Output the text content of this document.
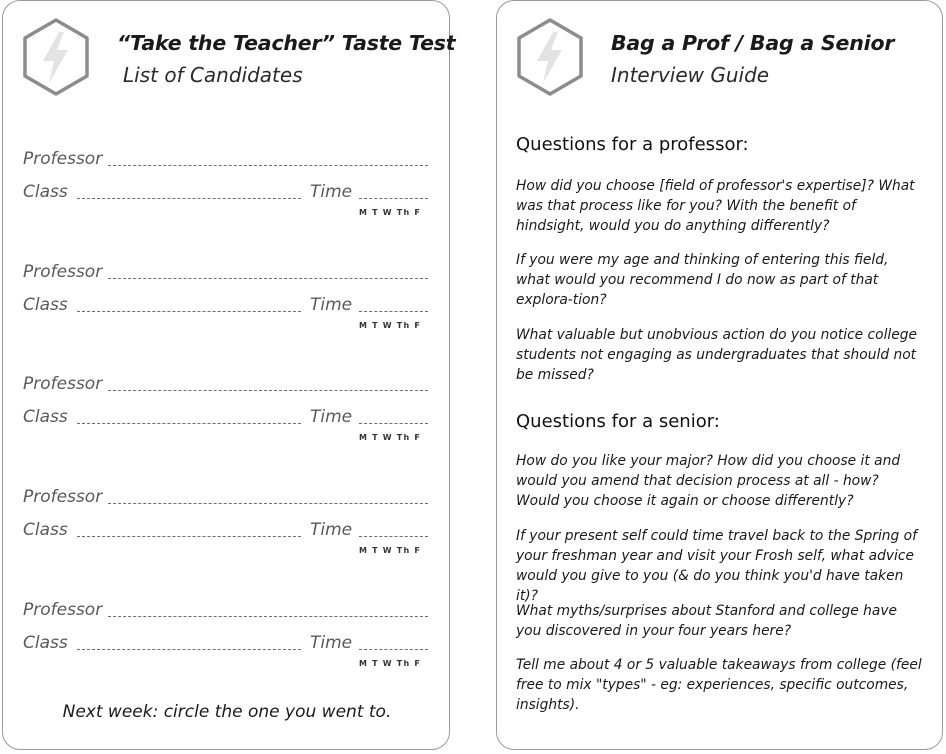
“Take the Teacher” Taste Test
List of Candidates
Professor
Class	Time
M T W Th F
Professor
Class	Time
M T W Th F
Professor
Class	Time
M T W Th F
Professor
Class	Time
M T W Th F
Professor
Class	Time
M T W Th F
Next week: circle the one you went to.
Bag a Prof / Bag a Senior
Interview Guide
Questions for a professor:

How did you choose [field of professor's expertise]? What was that process like for you? With the benefit of hindsight, would you do anything differently?

If you were my age and thinking of entering this field, what would you recommend I do now as part of that explora-tion?

What valuable but unobvious action do you notice college students not engaging as undergraduates that should not be missed?

Questions for a senior:

How do you like your major? How did you choose it and would you amend that decision process at all - how? Would you choose it again or choose differently?

If your present self could time travel back to the Spring of your freshman year and visit your Frosh self, what advice would you give to you (& do you think you'd have taken it)?

What myths/surprises about Stanford and college have you discovered in your four years here?

Tell me about 4 or 5 valuable takeaways from college (feel free to mix "types" - eg: experiences, specific outcomes, insights).
